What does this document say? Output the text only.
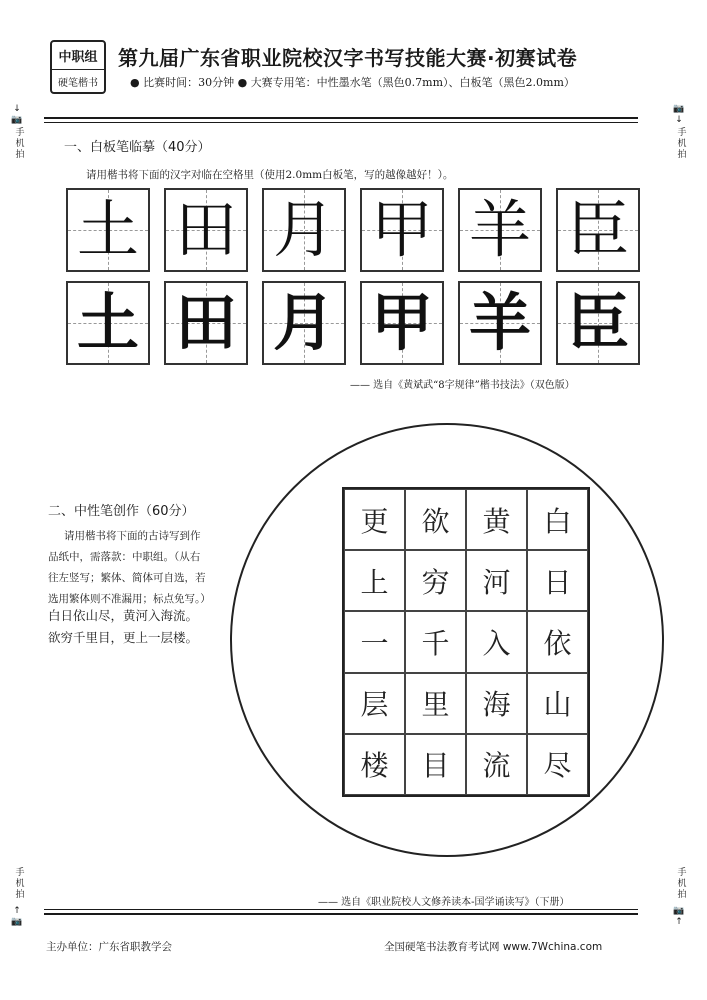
中职组
硬笔楷书
第九届广东省职业院校汉字书写技能大赛·初赛试卷
● 比赛时间：30分钟 ● 大赛专用笔：中性墨水笔（黑色0.7mm）、白板笔（黑色2.0mm）
↓📷
手机拍
📷↓
手机拍
手机拍
↑📷
手机拍
📷↑
一、白板笔临摹（40分）
请用楷书将下面的汉字对临在空格里（使用2.0mm白板笔，写的越像越好！）。
土 田 月 甲 羊 臣
土 田 月 甲 羊 臣
—— 选自《黄斌武“8字规律”楷书技法》（双色版）
二、中性笔创作（60分）
请用楷书将下面的古诗写到作
品纸中，需落款：中职组。（从右
往左竖写；繁体、简体可自选，若
选用繁体则不准漏用；标点免写。）
白日依山尽，黄河入海流。
欲穷千里目，更上一层楼。
更	欲	黄	白
上	穷	河	日
一	千	入	依
层	里	海	山
楼	目	流	尽
—— 选自《职业院校人文修养读本-国学诵读写》（下册）
主办单位：广东省职教学会	全国硬笔书法教育考试网 www.7Wchina.com
